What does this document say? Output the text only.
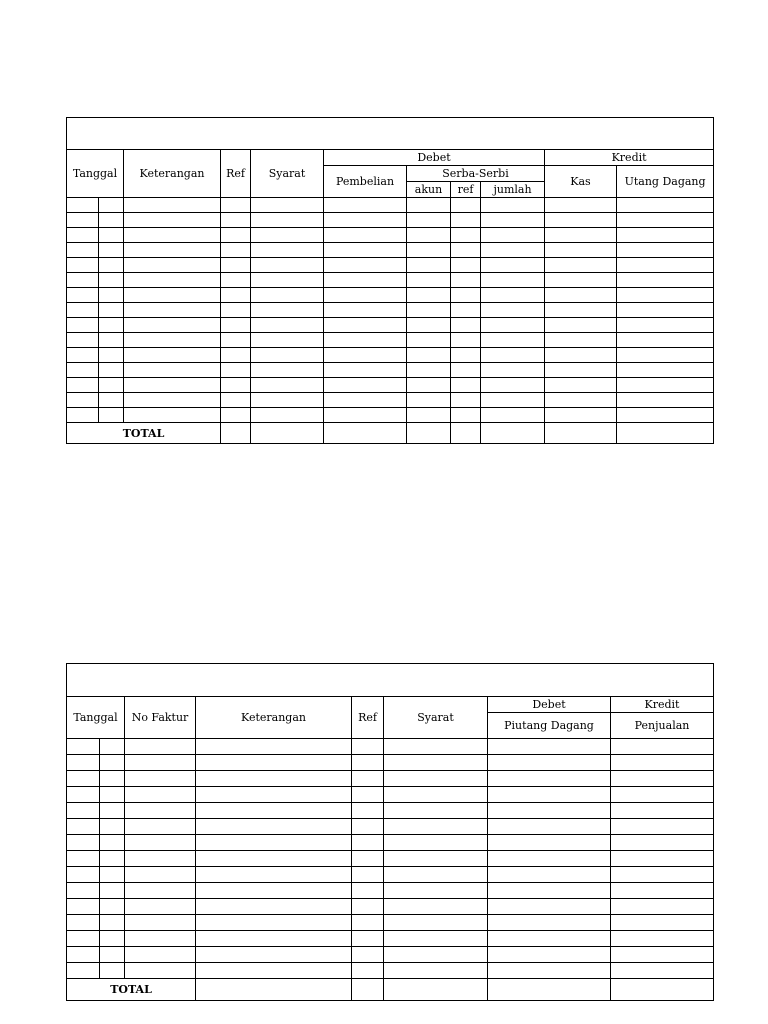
Tanggal		Keterangan	Ref	Syarat	Debet				Kredit	
					Pembelian	Serba-Serbi			Kas	Utang Dagang
						akun	ref	jumlah		

TOTAL										

Tanggal		No Faktur	Keterangan	Ref	Syarat	Debet	Kredit
						Piutang Dagang	Penjualan

TOTAL							
